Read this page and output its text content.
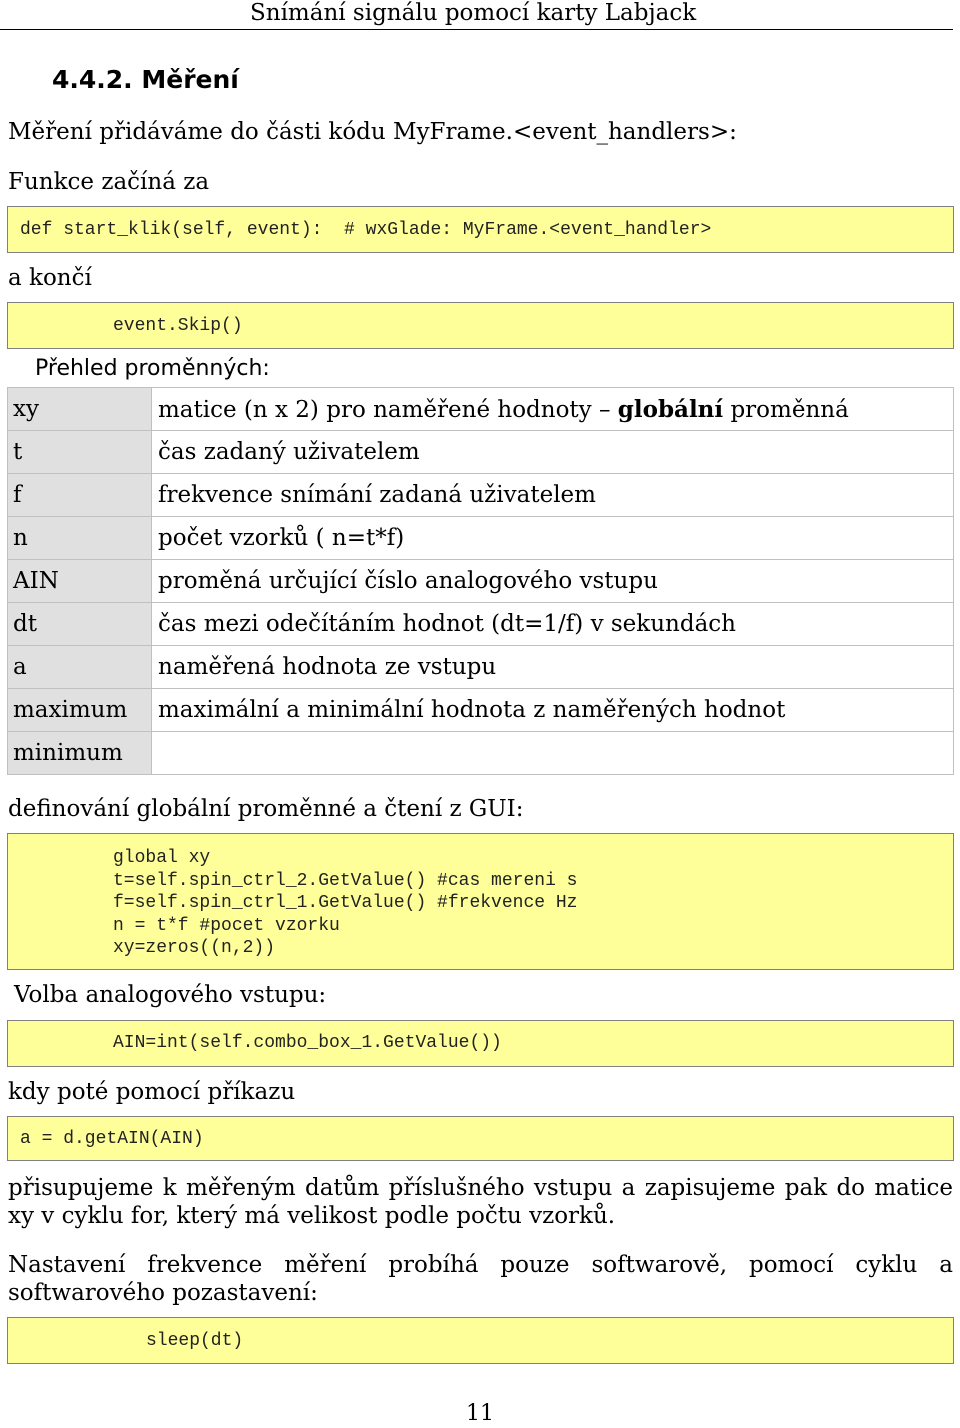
Snímání signálu pomocí karty Labjack
4.4.2. Měření
Měření přidáváme do části kódu MyFrame.<event_handlers>:
Funkce začíná za
def start_klik(self, event):  # wxGlade: MyFrame.<event_handler>
a končí
event.Skip()
Přehled proměnných:
xy	matice (n x 2) pro naměřené hodnoty – globální proměnná
t	čas zadaný uživatelem
f	frekvence snímání zadaná uživatelem
n	počet vzorků ( n=t*f)
AIN	proměná určující číslo analogového vstupu
dt	čas mezi odečítáním hodnot (dt=1/f) v sekundách
a	naměřená hodnota ze vstupu
maximum	maximální a minimální hodnota z naměřených hodnot
minimum	
definování globální proměnné a čtení z GUI:
global xy
t=self.spin_ctrl_2.GetValue() #cas mereni s
f=self.spin_ctrl_1.GetValue() #frekvence Hz
n = t*f #pocet vzorku
xy=zeros((n,2))
Volba analogového vstupu:
AIN=int(self.combo_box_1.GetValue())
kdy poté pomocí příkazu
a = d.getAIN(AIN)
přisupujeme k měřeným datům příslušného vstupu a zapisujeme pak do matice xy v cyklu for, který má velikost podle počtu vzorků.
Nastavení frekvence měření probíhá pouze softwarově, pomocí cyklu a softwarového pozastavení:
sleep(dt)
11
